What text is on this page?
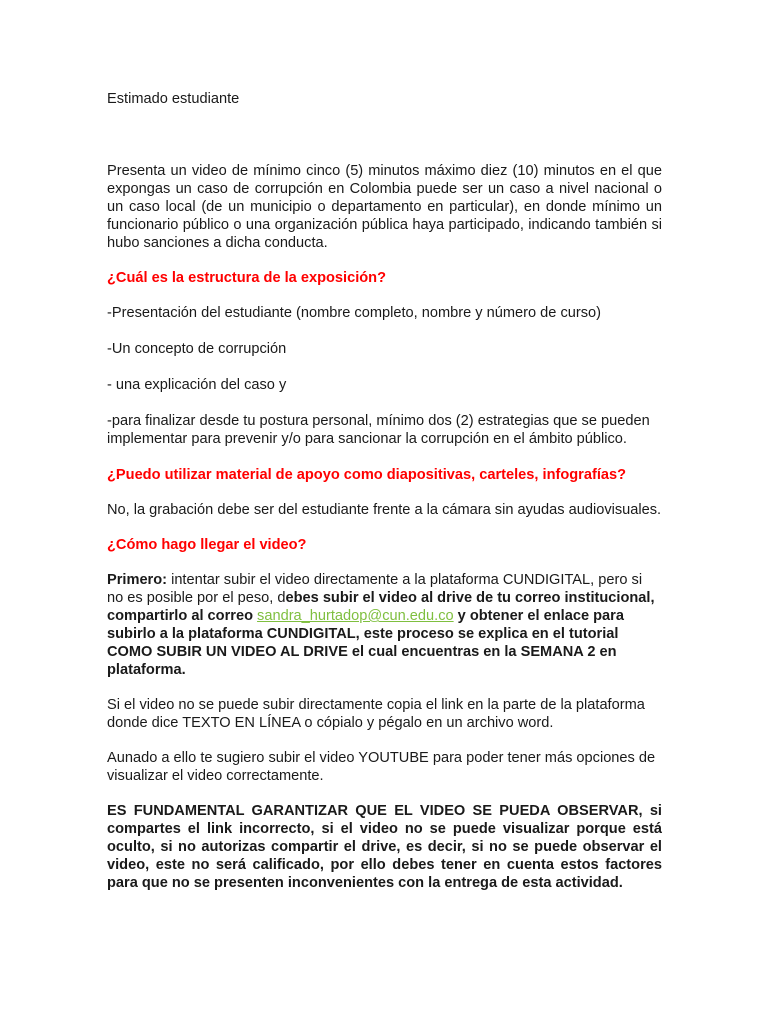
Estimado estudiante

Presenta un video de mínimo cinco (5) minutos máximo diez (10) minutos en el que expongas un caso de corrupción en Colombia puede ser un caso a nivel nacional o un caso local (de un municipio o departamento en particular), en donde mínimo un funcionario público o una organización pública haya participado, indicando también si hubo sanciones a dicha conducta.

¿Cuál es la estructura de la exposición?

-Presentación del estudiante (nombre completo, nombre y número de curso)

-Un concepto de corrupción

- una explicación del caso y

-para finalizar desde tu postura personal, mínimo dos (2) estrategias que se pueden implementar para prevenir y/o para sancionar la corrupción en el ámbito público.

¿Puedo utilizar material de apoyo como diapositivas, carteles, infografías?

No, la grabación debe ser del estudiante frente a la cámara sin ayudas audiovisuales.

¿Cómo hago llegar el video?

Primero: intentar subir el video directamente a la plataforma CUNDIGITAL, pero si no es posible por el peso, debes subir el video al drive de tu correo institucional, compartirlo al correo sandra_hurtadop@cun.edu.co y obtener el enlace para subirlo a la plataforma CUNDIGITAL, este proceso se explica en el tutorial COMO SUBIR UN VIDEO AL DRIVE el cual encuentras en la SEMANA 2 en plataforma.

Si el video no se puede subir directamente copia el link en la parte de la plataforma donde dice TEXTO EN LÍNEA o cópialo y pégalo en un archivo word.

Aunado a ello te sugiero subir el video YOUTUBE para poder tener más opciones de visualizar el video correctamente.

ES FUNDAMENTAL GARANTIZAR QUE EL VIDEO SE PUEDA OBSERVAR, si compartes el link incorrecto, si el video no se puede visualizar porque está oculto, si no autorizas compartir el drive, es decir, si no se puede observar el video, este no será calificado, por ello debes tener en cuenta estos factores para que no se presenten inconvenientes con la entrega de esta actividad.
